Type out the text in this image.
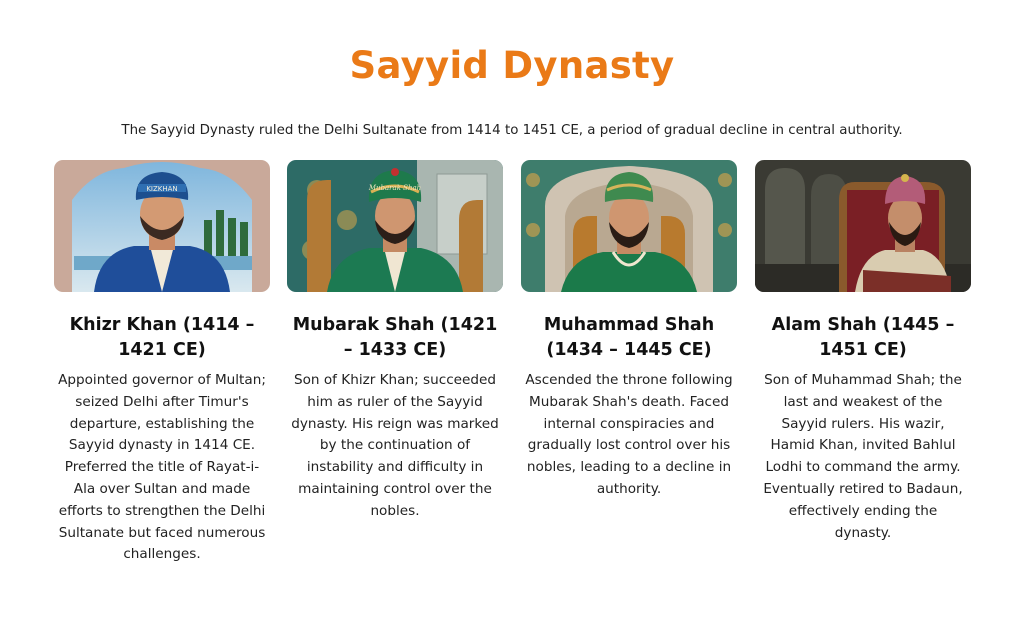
Sayyid Dynasty

The Sayyid Dynasty ruled the Delhi Sultanate from 1414 to 1451 CE, a period of gradual decline in central authority.

KIZKHAN
Khizr Khan (1414 – 1421 CE)

Appointed governor of Multan; seized Delhi after Timur's departure, establishing the Sayyid dynasty in 1414 CE. Preferred the title of Rayat-i-Ala over Sultan and made efforts to strengthen the Delhi Sultanate but faced numerous challenges.

Mubarak Shah
Mubarak Shah (1421 – 1433 CE)

Son of Khizr Khan; succeeded him as ruler of the Sayyid dynasty. His reign was marked by the continuation of instability and difficulty in maintaining control over the nobles.

Muhammad Shah (1434 – 1445 CE)

Ascended the throne following Mubarak Shah's death. Faced internal conspiracies and gradually lost control over his nobles, leading to a decline in authority.

Alam Shah (1445 – 1451 CE)

Son of Muhammad Shah; the last and weakest of the Sayyid rulers. His wazir, Hamid Khan, invited Bahlul Lodhi to command the army. Eventually retired to Badaun, effectively ending the dynasty.
